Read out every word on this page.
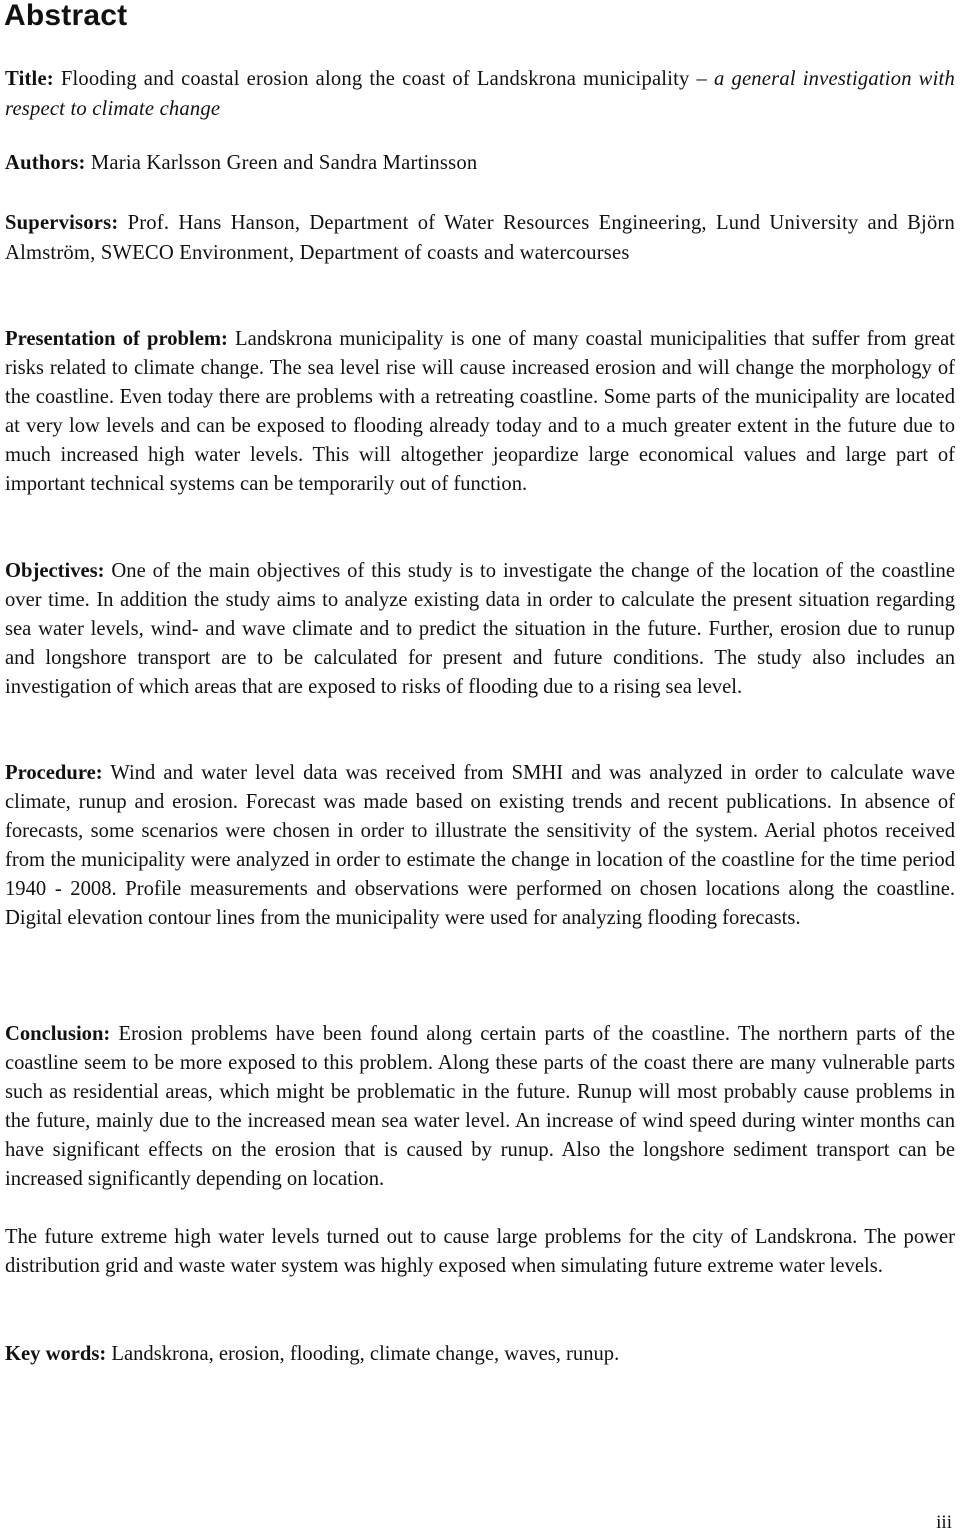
Abstract

Title: Flooding and coastal erosion along the coast of Landskrona municipality – a general investigation with respect to climate change

Authors: Maria Karlsson Green and Sandra Martinsson

Supervisors: Prof. Hans Hanson, Department of Water Resources Engineering, Lund University and Björn Almström, SWECO Environment, Department of coasts and watercourses

Presentation of problem: Landskrona municipality is one of many coastal municipalities that suffer from great risks related to climate change. The sea level rise will cause increased erosion and will change the morphology of the coastline. Even today there are problems with a retreating coastline. Some parts of the municipality are located at very low levels and can be exposed to flooding already today and to a much greater extent in the future due to much increased high water levels. This will altogether jeopardize large economical values and large part of important technical systems can be temporarily out of function.

Objectives: One of the main objectives of this study is to investigate the change of the location of the coastline over time. In addition the study aims to analyze existing data in order to calculate the present situation regarding sea water levels, wind- and wave climate and to predict the situation in the future. Further, erosion due to runup and longshore transport are to be calculated for present and future conditions. The study also includes an investigation of which areas that are exposed to risks of flooding due to a rising sea level.

Procedure: Wind and water level data was received from SMHI and was analyzed in order to calculate wave climate, runup and erosion. Forecast was made based on existing trends and recent publications. In absence of forecasts, some scenarios were chosen in order to illustrate the sensitivity of the system. Aerial photos received from the municipality were analyzed in order to estimate the change in location of the coastline for the time period 1940 - 2008. Profile measurements and observations were performed on chosen locations along the coastline. Digital elevation contour lines from the municipality were used for analyzing flooding forecasts.

Conclusion: Erosion problems have been found along certain parts of the coastline. The northern parts of the coastline seem to be more exposed to this problem. Along these parts of the coast there are many vulnerable parts such as residential areas, which might be problematic in the future. Runup will most probably cause problems in the future, mainly due to the increased mean sea water level. An increase of wind speed during winter months can have significant effects on the erosion that is caused by runup. Also the longshore sediment transport can be increased significantly depending on location.

The future extreme high water levels turned out to cause large problems for the city of Landskrona. The power distribution grid and waste water system was highly exposed when simulating future extreme water levels.

Key words: Landskrona, erosion, flooding, climate change, waves, runup.

iii
